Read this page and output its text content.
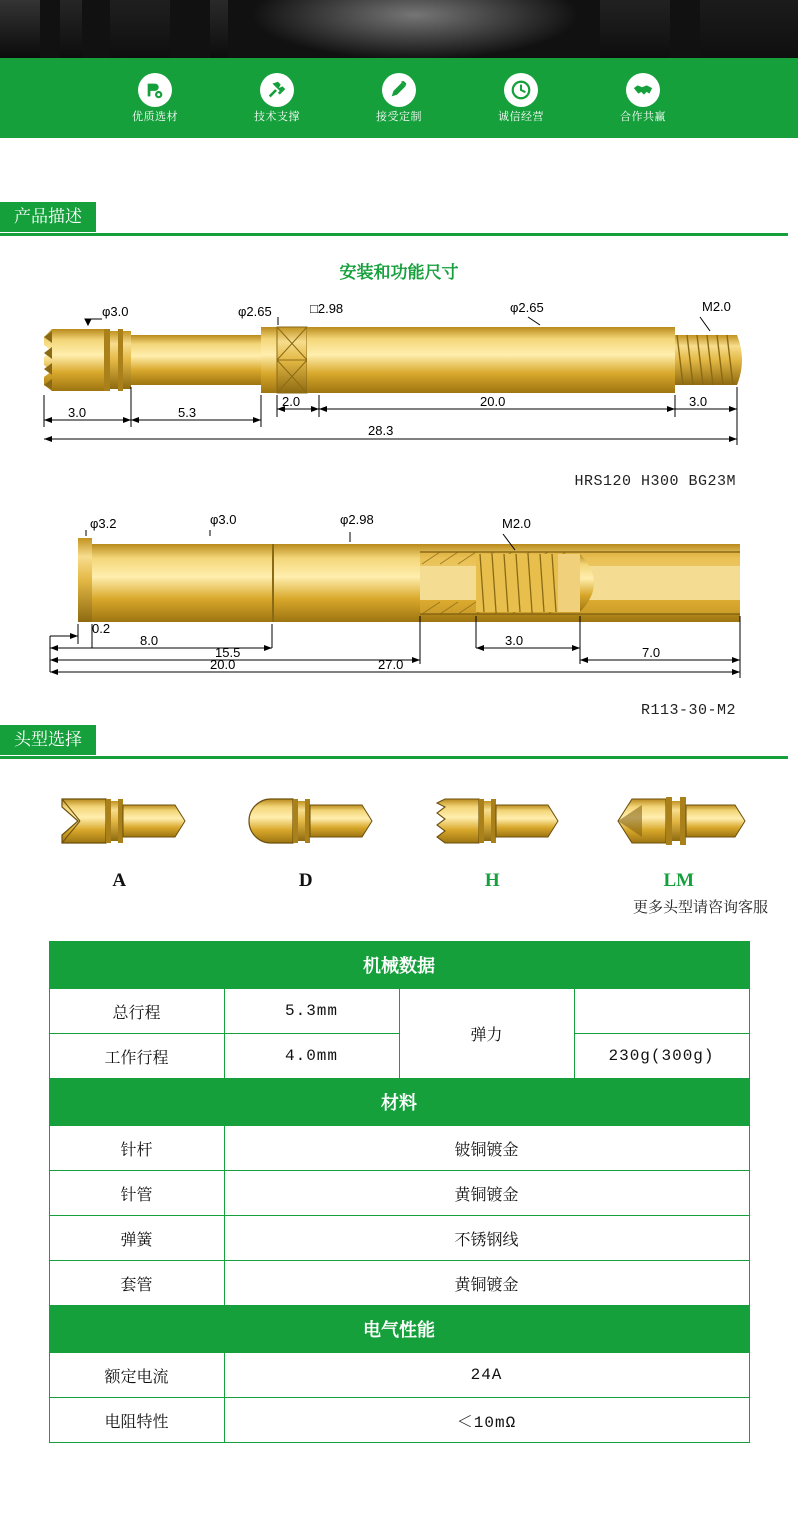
优质选材	技术支撑	接受定制	诚信经营	合作共赢
产品描述
安装和功能尺寸
φ3.0	φ2.65	□2.98	φ2.65	M2.0
3.0	5.3
2.0	20.0	3.0
28.3
HRS120 H300 BG23M
φ3.2	φ3.0	φ2.98	M2.0
0.2
8.0
15.5
3.0
7.0
20.0	27.0
R113-30-M2
头型选择
A	D	H	LM
更多头型请咨询客服
机械数据			
总行程	5.3mm	弹力	
工作行程	4.0mm		230g(300g)
材料			
针杆	铍铜镀金		
针管	黄铜镀金		
弹簧	不锈钢线		
套管	黄铜镀金		
电气性能			
额定电流	24A		
电阻特性	＜10mΩ		
